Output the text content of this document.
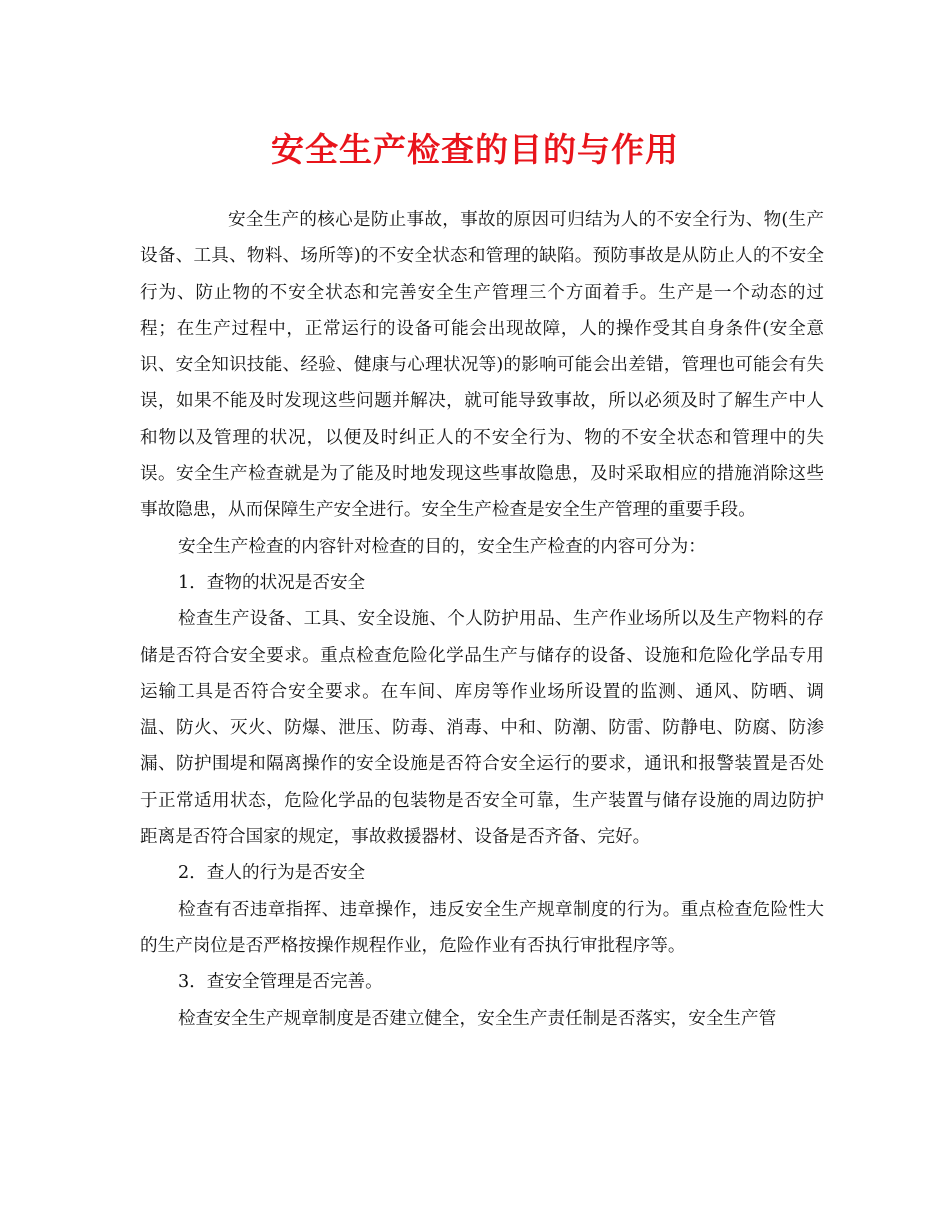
安全生产检查的目的与作用

安全生产的核心是防止事故，事故的原因可归结为人的不安全行为、物(生产设备、工具、物料、场所等)的不安全状态和管理的缺陷。预防事故是从防止人的不安全行为、防止物的不安全状态和完善安全生产管理三个方面着手。生产是一个动态的过程；在生产过程中，正常运行的设备可能会出现故障，人的操作受其自身条件(安全意识、安全知识技能、经验、健康与心理状况等)的影响可能会出差错，管理也可能会有失误，如果不能及时发现这些问题并解决，就可能导致事故，所以必须及时了解生产中人和物以及管理的状况，以便及时纠正人的不安全行为、物的不安全状态和管理中的失误。安全生产检查就是为了能及时地发现这些事故隐患，及时采取相应的措施消除这些事故隐患，从而保障生产安全进行。安全生产检查是安全生产管理的重要手段。

安全生产检查的内容针对检查的目的，安全生产检查的内容可分为：

1．查物的状况是否安全

检查生产设备、工具、安全设施、个人防护用品、生产作业场所以及生产物料的存储是否符合安全要求。重点检查危险化学品生产与储存的设备、设施和危险化学品专用运输工具是否符合安全要求。在车间、库房等作业场所设置的监测、通风、防晒、调温、防火、灭火、防爆、泄压、防毒、消毒、中和、防潮、防雷、防静电、防腐、防渗漏、防护围堤和隔离操作的安全设施是否符合安全运行的要求，通讯和报警装置是否处于正常适用状态，危险化学品的包装物是否安全可靠，生产装置与储存设施的周边防护距离是否符合国家的规定，事故救援器材、设备是否齐备、完好。

2．查人的行为是否安全

检查有否违章指挥、违章操作，违反安全生产规章制度的行为。重点检查危险性大的生产岗位是否严格按操作规程作业，危险作业有否执行审批程序等。

3．查安全管理是否完善。

检查安全生产规章制度是否建立健全，安全生产责任制是否落实，安全生产管
